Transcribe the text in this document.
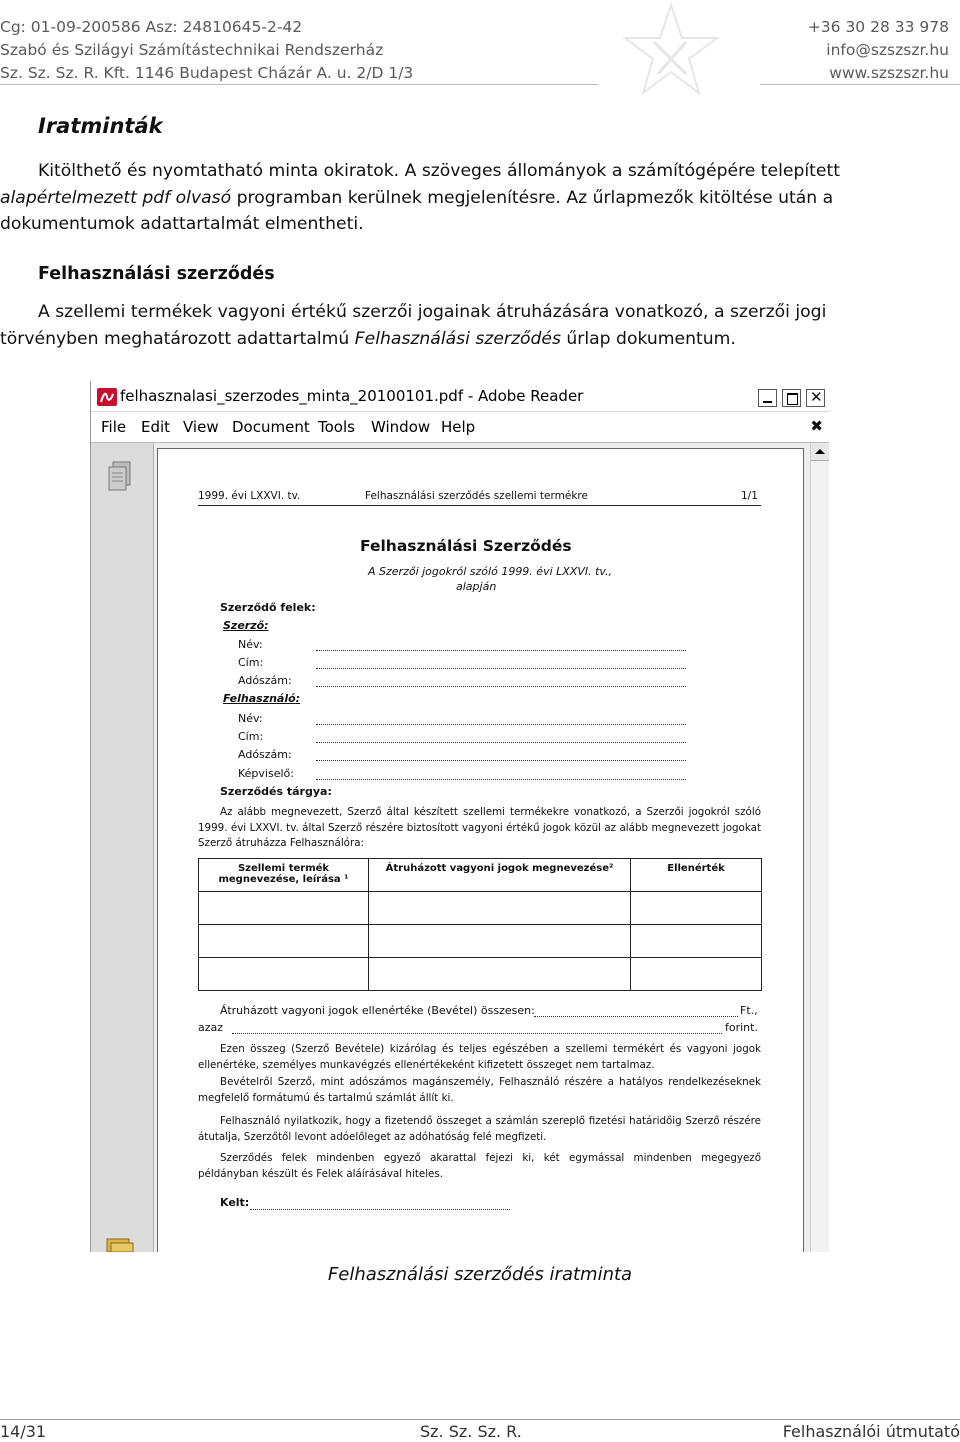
Cg: 01-09-200586 Asz: 24810645-2-42
Szabó és Szilágyi Számítástechnikai Rendszerház
Sz. Sz. Sz. R. Kft. 1146 Budapest Cházár A. u. 2/D 1/3
+36 30 28 33 978
info@szszszr.hu
www.szszszr.hu
Iratminták
Kitölthető és nyomtatható minta okiratok. A szöveges állományok a számítógépére telepített
alapértelmezett pdf olvasó programban kerülnek megjelenítésre. Az űrlapmezők kitöltése után a
dokumentumok adattartalmát elmentheti.
Felhasználási szerződés
A szellemi termékek vagyoni értékű szerzői jogainak átruházására vonatkozó, a szerzői jogi
törvényben meghatározott adattartalmú Felhasználási szerződés űrlap dokumentum.
felhasznalasi_szerzodes_minta_20100101.pdf - Adobe Reader	✕
File Edit View Document Tools Window Help	✖
1999. évi LXXVI. tv.	Felhasználási szerződés szellemi termékre	1/1
Felhasználási Szerződés
A Szerzői jogokról szóló 1999. évi LXXVI. tv.,
alapján
Szerződő felek:
Szerző:
Név:
Cím:
Adószám:
Felhasználó:
Név:
Cím:
Adószám:
Képviselő:
Szerződés tárgya:
Az alább megnevezett, Szerző által készített szellemi termékekre vonatkozó, a Szerzői jogokról szóló 1999. évi LXXVI. tv. által Szerző részére biztosított vagyoni értékű jogok közül az alább megnevezett jogokat Szerző átruházza Felhasználóra:
Szellemi termék megnevezése, leírása ¹	Átruházott vagyoni jogok megnevezése²	Ellenérték

Átruházott vagyoni jogok ellenértéke (Bevétel) összesen:	Ft.,
azaz	forint.
Ezen összeg (Szerző Bevétele) kizárólag és teljes egészében a szellemi termékért és vagyoni jogok ellenértéke, személyes munkavégzés ellenértékeként kifizetett összeget nem tartalmaz.
Bevételről Szerző, mint adószámos magánszemély, Felhasználó részére a hatályos rendelkezéseknek megfelelő formátumú és tartalmú számlát állít ki.
Felhasználó nyilatkozik, hogy a fizetendő összeget a számlán szereplő fizetési határidőig Szerző részére átutalja, Szerzőtől levont adóelőleget az adóhatóság felé megfizeti.
Szerződés felek mindenben egyező akarattal fejezi ki, két egymással mindenben megegyező példányban készült és Felek aláírásával hiteles.
Kelt:
Felhasználási szerződés iratminta
14/31	Sz. Sz. Sz. R.	Felhasználói útmutató
